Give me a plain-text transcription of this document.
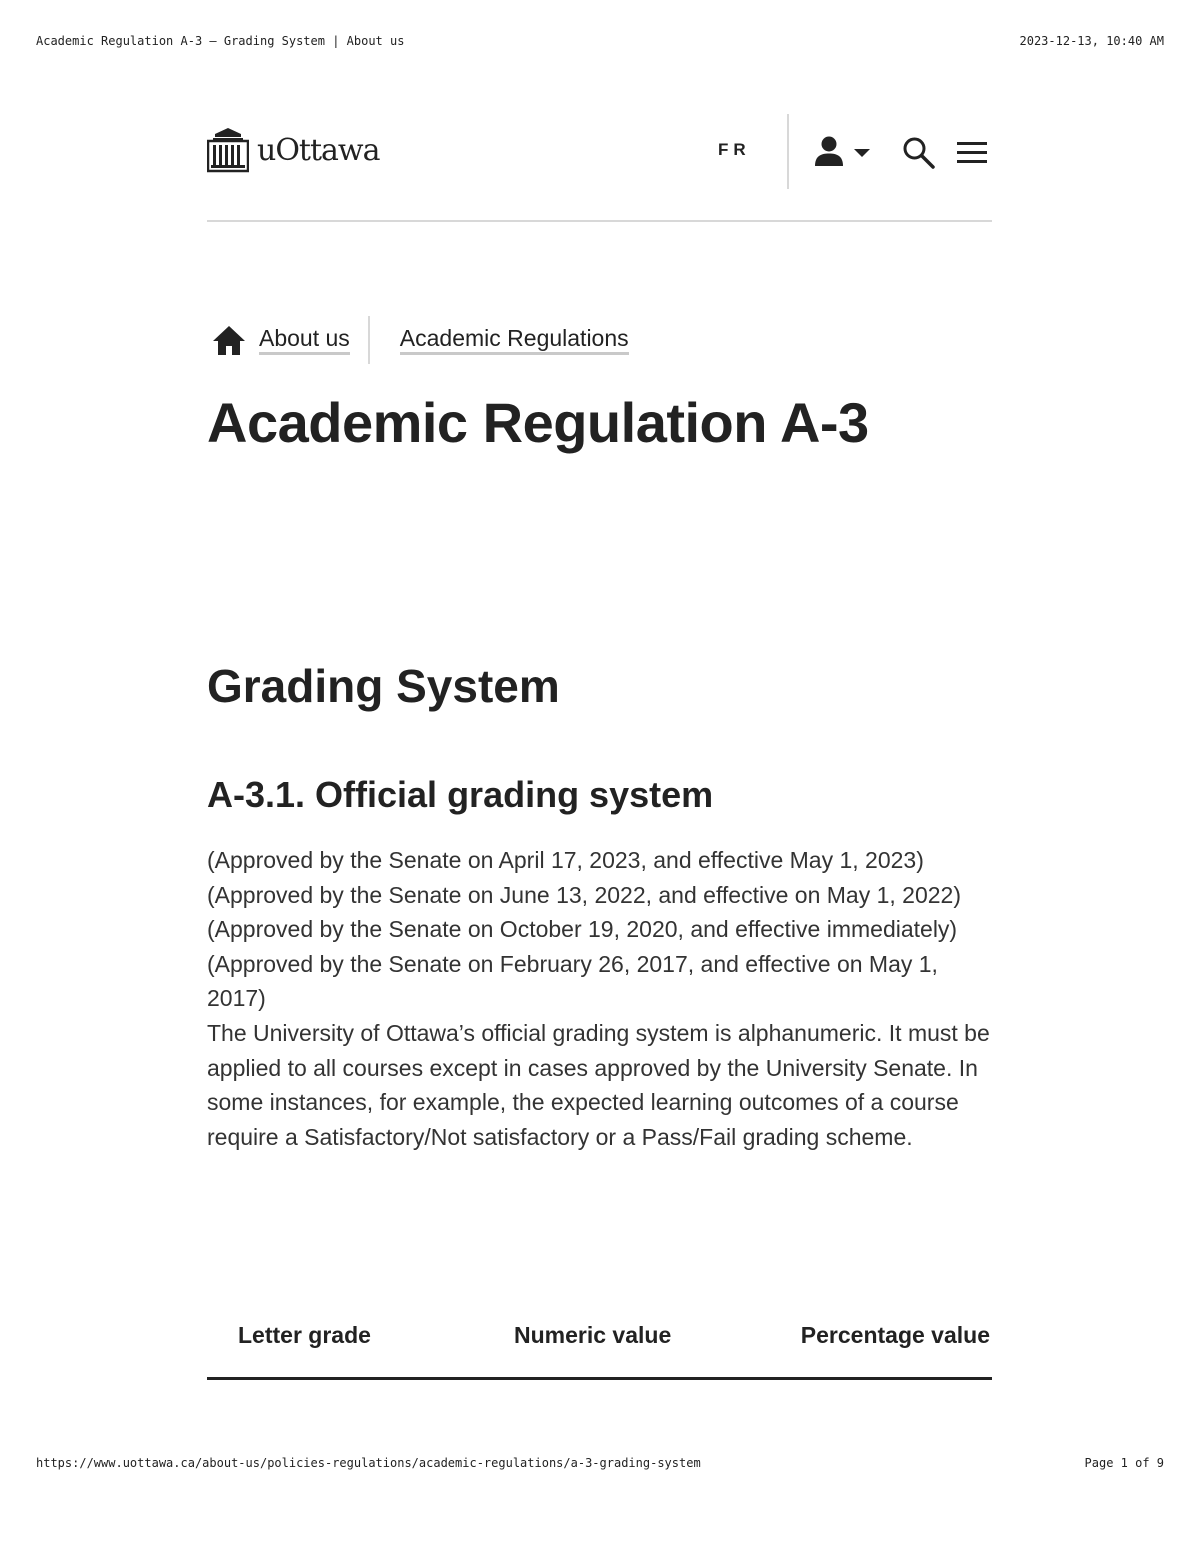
Academic Regulation A-3 – Grading System | About us	2023-12-13, 10:40 AM
uOttawa	FR
About us Academic Regulations
Academic Regulation A-3
Grading System
A-3.1. Official grading system

(Approved by the Senate on April 17, 2023, and effective May 1, 2023)

(Approved by the Senate on June 13, 2022, and effective on May 1, 2022)

(Approved by the Senate on October 19, 2020, and effective immediately)

(Approved by the Senate on February 26, 2017, and effective on May 1, 2017)

The University of Ottawa’s official grading system is alphanumeric. It must be applied to all courses except in cases approved by the University Senate. In some instances, for example, the expected learning outcomes of a course require a Satisfactory/Not satisfactory or a Pass/Fail grading scheme.

Letter grade	Numeric value	Percentage value
https://www.uottawa.ca/about-us/policies-regulations/academic-regulations/a-3-grading-system	Page 1 of 9
